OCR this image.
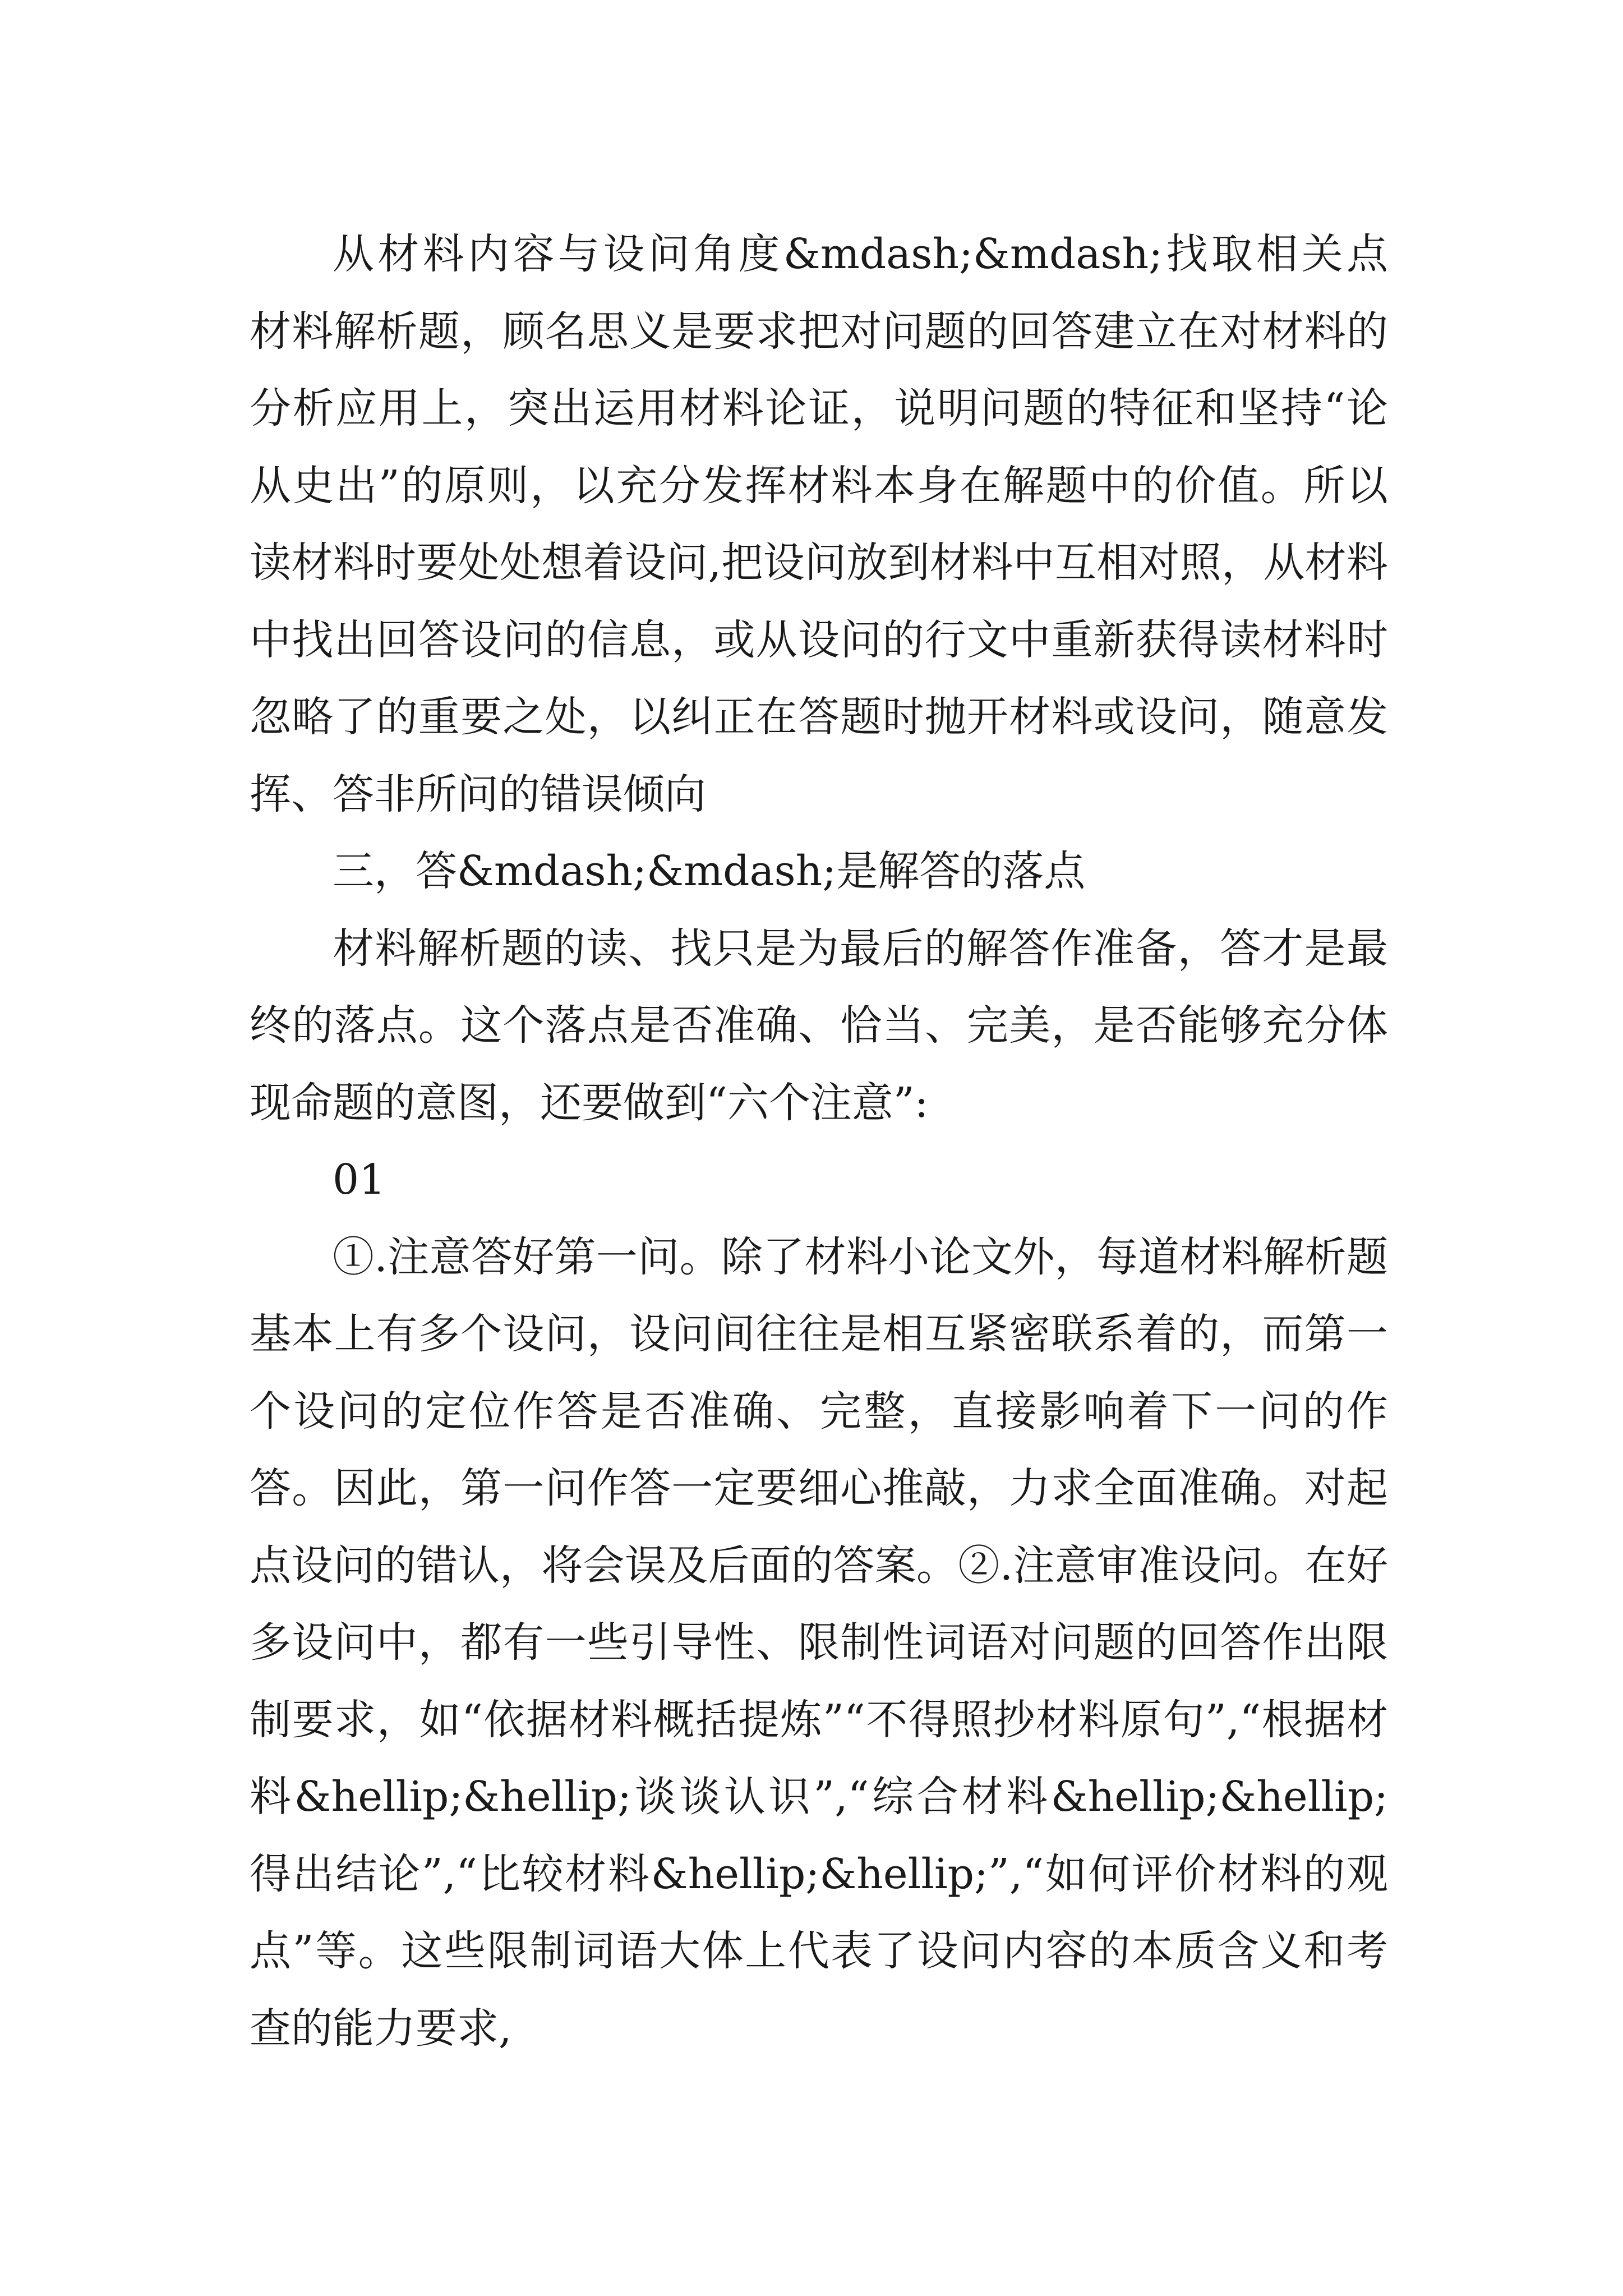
从材料内容与设问角度&mdash;&mdash;找取相关点 材料解析题，顾名思义是要求把对问题的回答建立在对材料的分析应用上，突出运用材料论证，说明问题的特征和坚持“论从史出”的原则，以充分发挥材料本身在解题中的价值。所以读材料时要处处想着设问,把设问放到材料中互相对照，从材料中找出回答设问的信息，或从设问的行文中重新获得读材料时忽略了的重要之处，以纠正在答题时抛开材料或设问，随意发挥、答非所问的错误倾向

三，答&mdash;&mdash;是解答的落点

材料解析题的读、找只是为最后的解答作准备，答才是最终的落点。这个落点是否准确、恰当、完美，是否能够充分体现命题的意图，还要做到“六个注意”:

01

①.注意答好第一问。除了材料小论文外，每道材料解析题基本上有多个设问，设问间往往是相互紧密联系着的，而第一个设问的定位作答是否准确、完整，直接影响着下一问的作答。因此，第一问作答一定要细心推敲，力求全面准确。对起点设问的错认，将会误及后面的答案。②.注意审准设问。在好多设问中，都有一些引导性、限制性词语对问题的回答作出限制要求，如“依据材料概括提炼”“不得照抄材料原句”,“根据材料&hellip;&hellip;谈谈认识”,“综合材料&hellip;&hellip;得出结论”,“比较材料&hellip;&hellip;”,“如何评价材料的观点”等。这些限制词语大体上代表了设问内容的本质含义和考查的能力要求,
